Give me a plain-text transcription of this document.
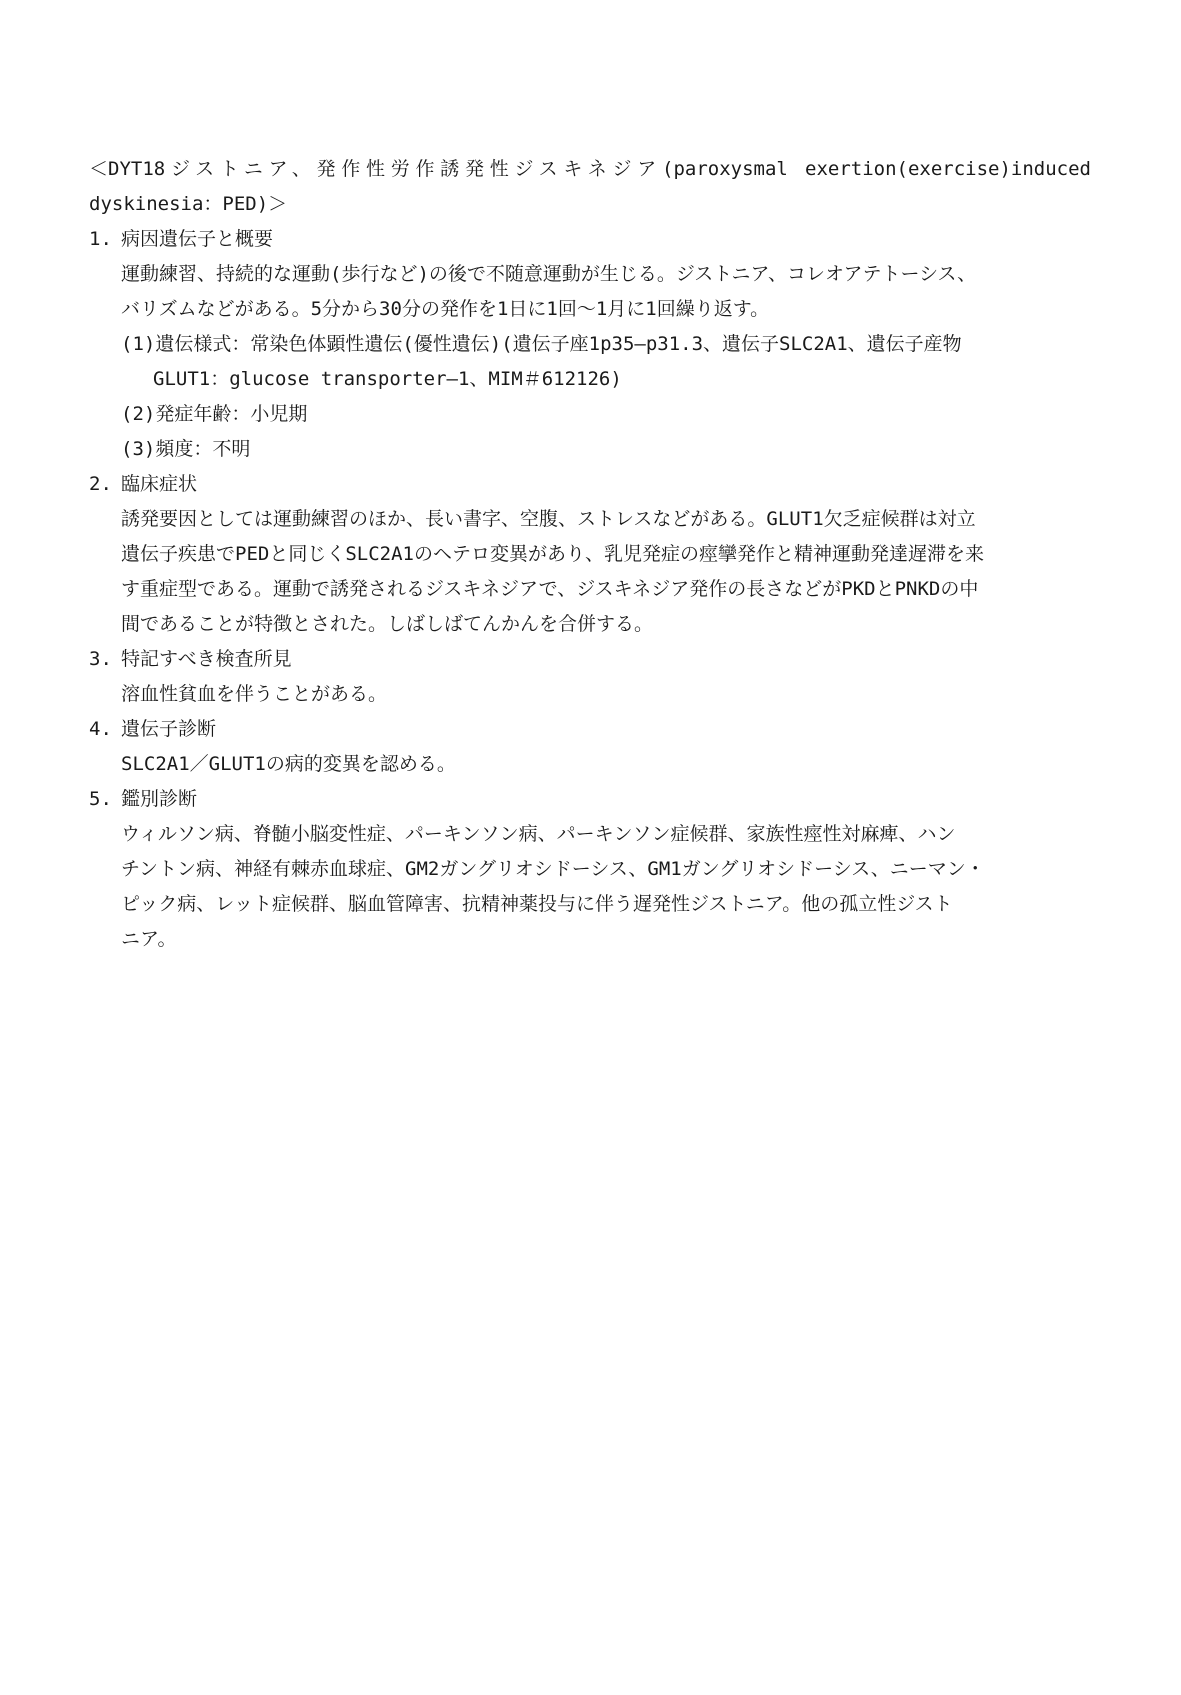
＜DYT18ジストニア、発作性労作誘発性ジスキネジア(paroxysmal exertion(exercise)induced
dyskinesia：PED)＞
1. 病因遺伝子と概要
運動練習、持続的な運動(歩行など)の後で不随意運動が生じる。ジストニア、コレオアテトーシス、
バリズムなどがある。5分から30分の発作を1日に1回〜1月に1回繰り返す。
(1)遺伝様式：常染色体顕性遺伝(優性遺伝)(遺伝子座1p35―p31.3、遺伝子SLC2A1、遺伝子産物
GLUT1：glucose transporter―1、MIM＃612126)
(2)発症年齢：小児期
(3)頻度：不明
2. 臨床症状
誘発要因としては運動練習のほか、長い書字、空腹、ストレスなどがある。GLUT1欠乏症候群は対立
遺伝子疾患でPEDと同じくSLC2A1のヘテロ変異があり、乳児発症の痙攣発作と精神運動発達遅滞を来
す重症型である。運動で誘発されるジスキネジアで、ジスキネジア発作の長さなどがPKDとPNKDの中
間であることが特徴とされた。しばしばてんかんを合併する。
3. 特記すべき検査所見
溶血性貧血を伴うことがある。
4. 遺伝子診断
SLC2A1／GLUT1の病的変異を認める。
5. 鑑別診断
ウィルソン病、脊髄小脳変性症、パーキンソン病、パーキンソン症候群、家族性痙性対麻痺、ハン
チントン病、神経有棘赤血球症、GM2ガングリオシドーシス、GM1ガングリオシドーシス、ニーマン・
ピック病、レット症候群、脳血管障害、抗精神薬投与に伴う遅発性ジストニア。他の孤立性ジスト
ニア。
